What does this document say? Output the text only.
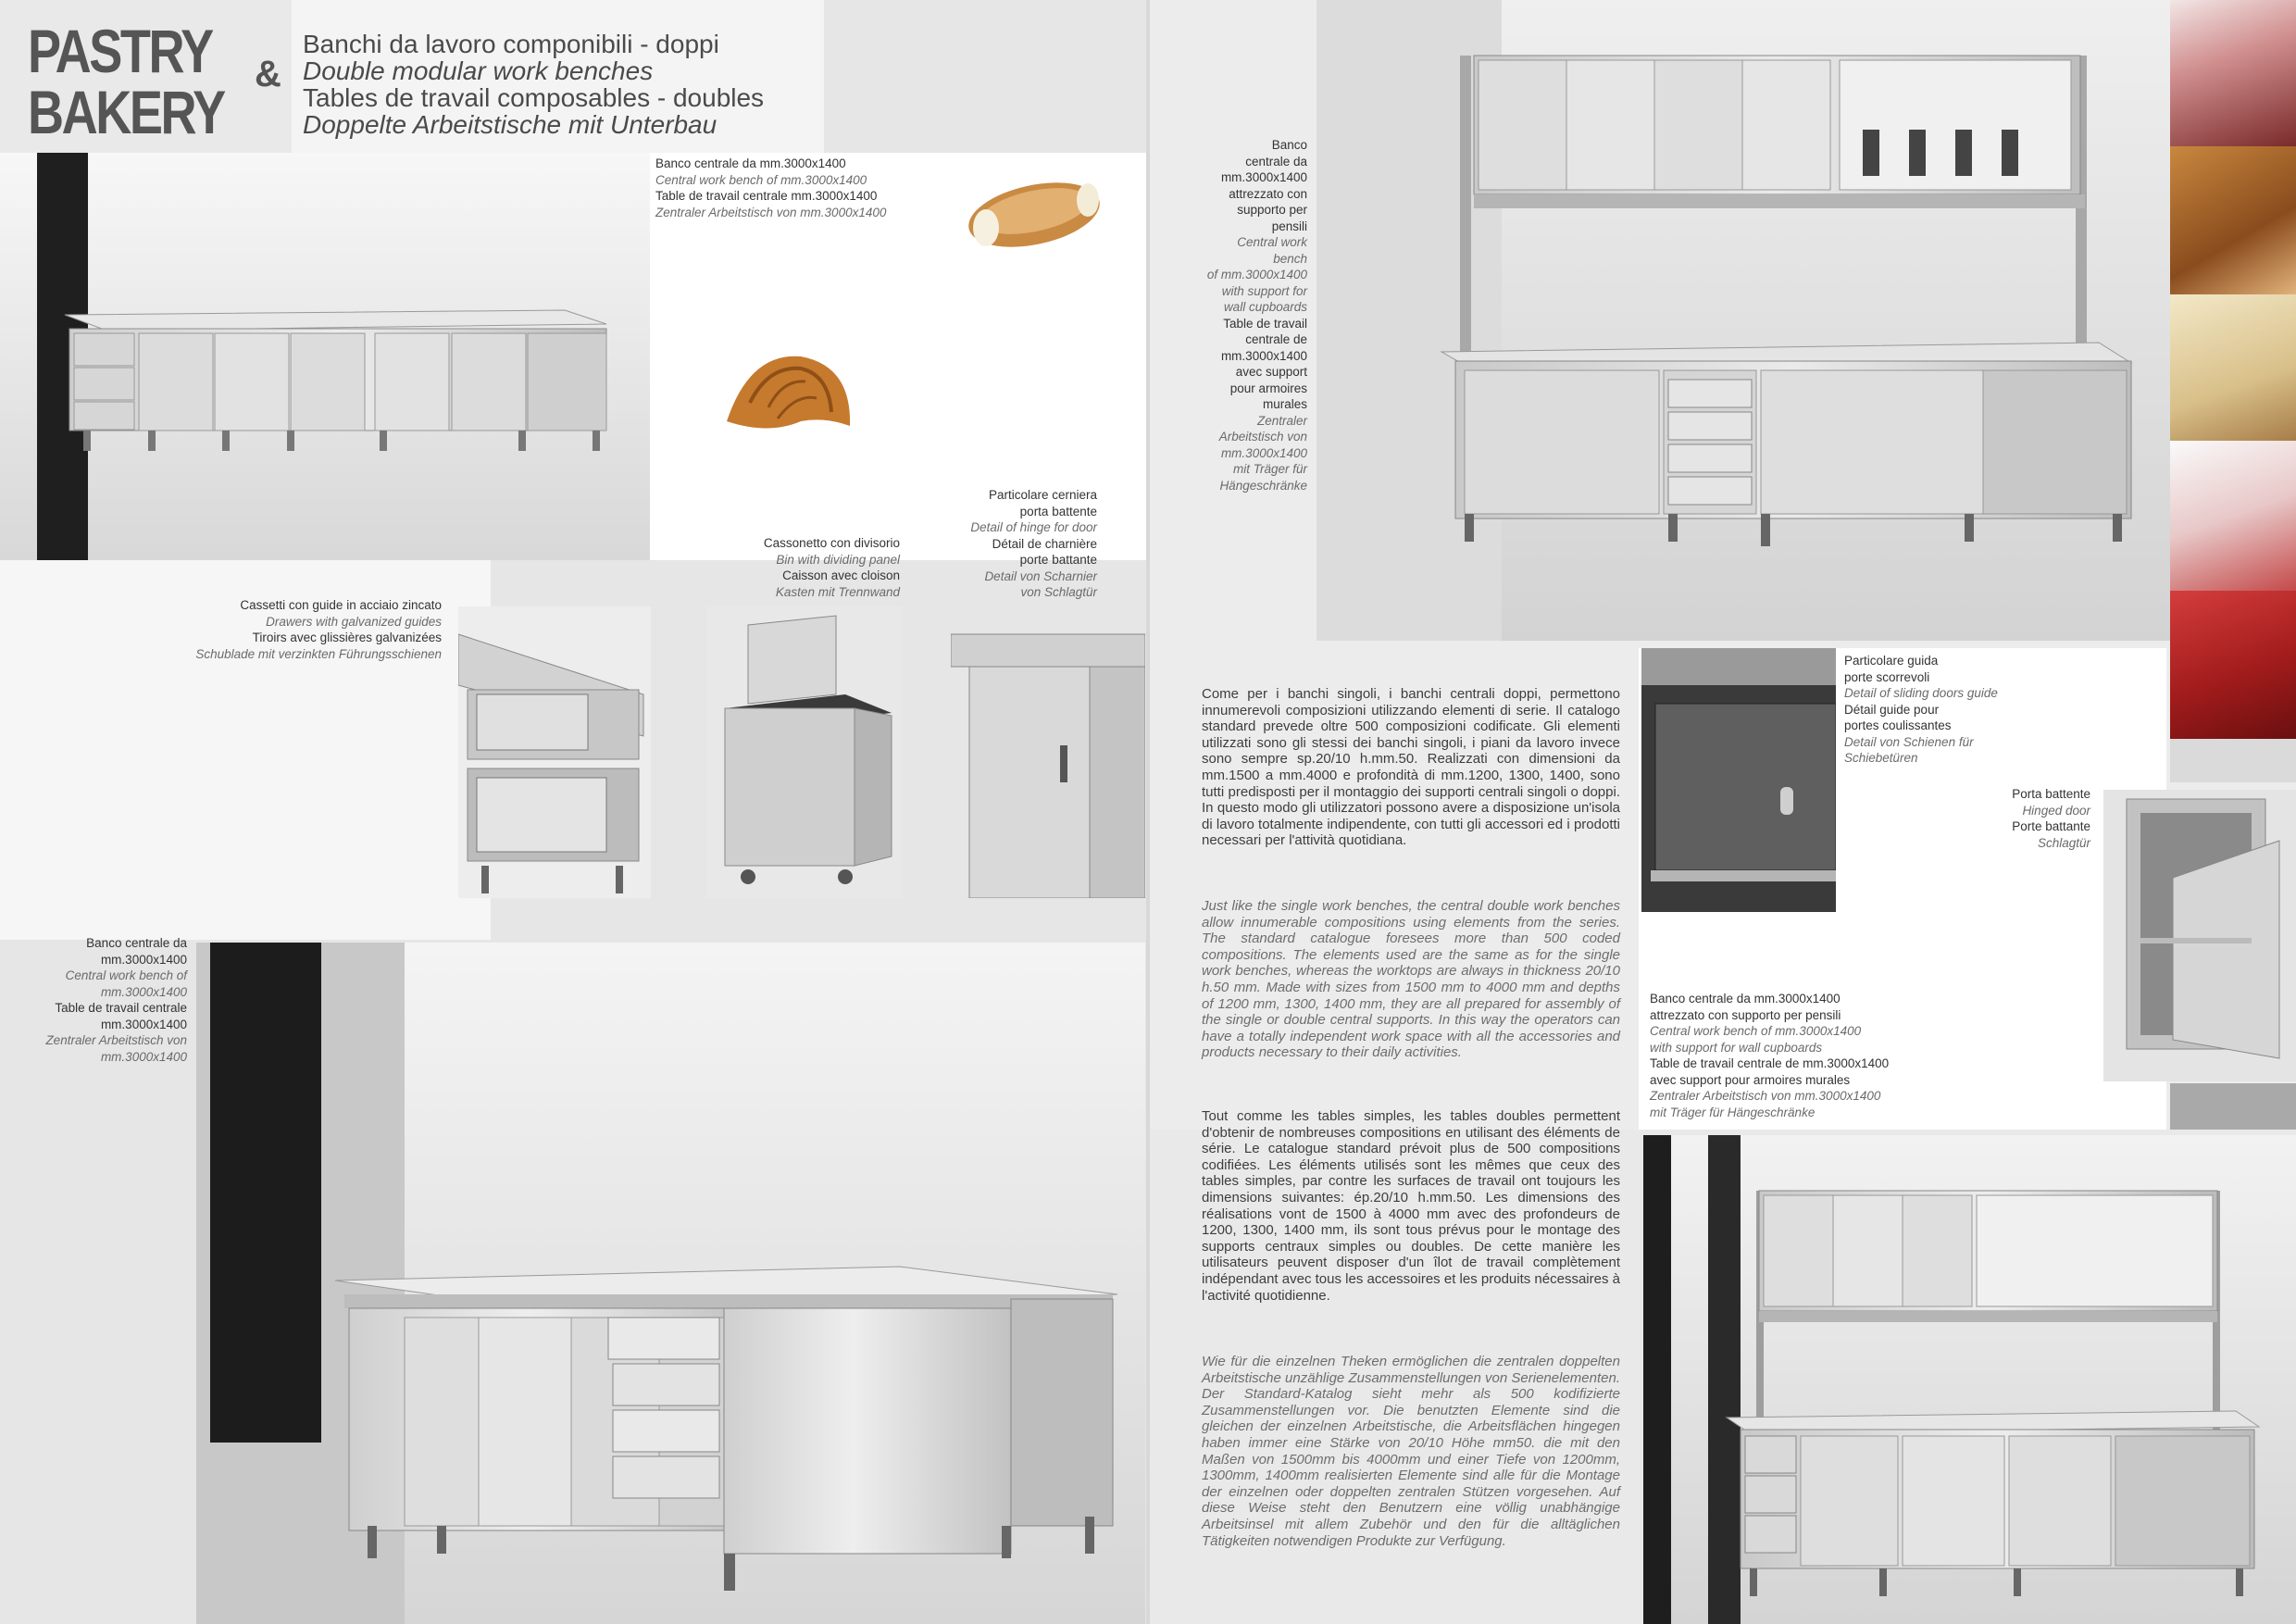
PASTRY &
BAKERY
Banchi da lavoro componibili - doppi
Double modular work benches
Tables de travail composables - doubles
Doppelte Arbeitstische mit Unterbau
Banco centrale da mm.3000x1400
Central work bench of mm.3000x1400
Table de travail centrale mm.3000x1400
Zentraler Arbeitstisch von mm.3000x1400
Cassetti con guide in acciaio zincato
Drawers with galvanized guides
Tiroirs avec glissières galvanizées
Schublade mit verzinkten Führungsschienen
Cassonetto con divisorio
Bin with dividing panel
Caisson avec cloison
Kasten mit Trennwand
Particolare cerniera
porta battente
Detail of hinge for door
Détail de charnière
porte battante
Detail von Scharnier
von Schlagtür
Banco centrale da
mm.3000x1400
Central work bench of
mm.3000x1400
Table de travail centrale
mm.3000x1400
Zentraler Arbeitstisch von
mm.3000x1400
Banco
centrale da
mm.3000x1400
attrezzato con
supporto per
pensili
Central work
bench
of mm.3000x1400
with support for
wall cupboards
Table de travail
centrale de
mm.3000x1400
avec support
pour armoires
murales
Zentraler
Arbeitstisch von
mm.3000x1400
mit Träger für
Hängeschränke
Come per i banchi singoli, i banchi centrali doppi, permettono innumerevoli composizioni utilizzando elementi di serie. Il catalogo standard prevede oltre 500 composizioni codificate. Gli elementi utilizzati sono gli stessi dei banchi singoli, i piani da lavoro invece sono sempre sp.20/10 h.mm.50. Realizzati con dimensioni da mm.1500 a mm.4000 e profondità di mm.1200, 1300, 1400, sono tutti predisposti per il montaggio dei supporti centrali singoli o doppi. In questo modo gli utilizzatori possono avere a disposizione un'isola di lavoro totalmente indipendente, con tutti gli accessori ed i prodotti necessari per l'attività quotidiana.
Just like the single work benches, the central double work benches allow innumerable compositions using elements from the series. The standard catalogue foresees more than 500 coded compositions. The elements used are the same as for the single work benches, whereas the worktops are always in thickness 20/10 h.50 mm. Made with sizes from 1500 mm to 4000 mm and depths of 1200 mm, 1300, 1400 mm, they are all prepared for assembly of the single or double central supports. In this way the operators can have a totally independent work space with all the accessories and products necessary to their daily activities.
Tout comme les tables simples, les tables doubles permettent d'obtenir de nombreuses compositions en utilisant des éléments de série. Le catalogue standard prévoit plus de 500 compositions codifiées. Les éléments utilisés sont les mêmes que ceux des tables simples, par contre les surfaces de travail ont toujours les dimensions suivantes: ép.20/10 h.mm.50. Les dimensions des réalisations vont de 1500 à 4000 mm avec des profondeurs de 1200, 1300, 1400 mm, ils sont tous prévus pour le montage des supports centraux simples ou doubles. De cette manière les utilisateurs peuvent disposer d'un îlot de travail complètement indépendant avec tous les accessoires et les produits nécessaires à l'activité quotidienne.
Wie für die einzelnen Theken ermöglichen die zentralen doppelten Arbeitstische unzählige Zusammenstellungen von Serienelementen. Der Standard-Katalog sieht mehr als 500 kodifizierte Zusammenstellungen vor. Die benutzten Elemente sind die gleichen der einzelnen Arbeitstische, die Arbeitsflächen hingegen haben immer eine Stärke von 20/10 Höhe mm50. die mit den Maßen von 1500mm bis 4000mm und einer Tiefe von 1200mm, 1300mm, 1400mm realisierten Elemente sind alle für die Montage der einzelnen oder doppelten zentralen Stützen vorgesehen. Auf diese Weise steht den Benutzern eine völlig unabhängige Arbeitsinsel mit allem Zubehör und den für die alltäglichen Tätigkeiten notwendigen Produkte zur Verfügung.
Particolare guida
porte scorrevoli
Detail of sliding doors guide
Détail guide pour
portes coulissantes
Detail von Schienen für
Schiebetüren
Porta battente
Hinged door
Porte battante
Schlagtür
Banco centrale da mm.3000x1400
attrezzato con supporto per pensili
Central work bench of mm.3000x1400
with support for wall cupboards
Table de travail centrale de mm.3000x1400
avec support pour armoires murales
Zentraler Arbeitstisch von mm.3000x1400
mit Träger für Hängeschränke
